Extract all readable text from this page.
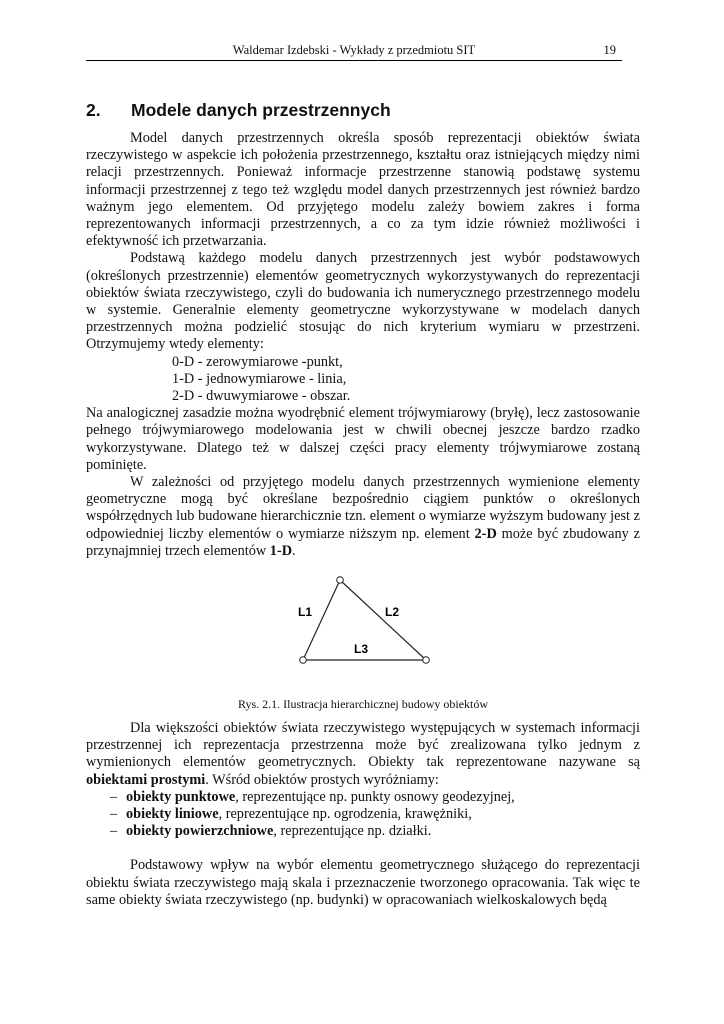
Waldemar Izdebski - Wykłady z przedmiotu SIT	19
2. Modele danych przestrzennych

Model danych przestrzennych określa sposób reprezentacji obiektów świata rzeczywistego w aspekcie ich położenia przestrzennego, kształtu oraz istniejących między nimi relacji przestrzennych. Ponieważ informacje przestrzenne stanowią podstawę systemu informacji przestrzennej z tego też względu model danych przestrzennych jest również bardzo ważnym jego elementem. Od przyjętego modelu zależy bowiem zakres i forma reprezentowanych informacji przestrzennych, a co za tym idzie również możliwości i efektywność ich przetwarzania.

Podstawą każdego modelu danych przestrzennych jest wybór podstawowych (określonych przestrzennie) elementów geometrycznych wykorzystywanych do reprezentacji obiektów świata rzeczywistego, czyli do budowania ich numerycznego przestrzennego modelu w systemie. Generalnie elementy geometryczne wykorzystywane w modelach danych przestrzennych można podzielić stosując do nich kryterium wymiaru w przestrzeni. Otrzymujemy wtedy elementy:

0-D - zerowymiarowe -punkt,
1-D - jednowymiarowe - linia,
2-D - dwuwymiarowe - obszar.

Na analogicznej zasadzie można wyodrębnić element trójwymiarowy (bryłę), lecz zastosowanie pełnego trójwymiarowego modelowania jest w chwili obecnej jeszcze bardzo rzadko wykorzystywane. Dlatego też w dalszej części pracy elementy trójwymiarowe zostaną pominięte.

W zależności od przyjętego modelu danych przestrzennych wymienione elementy geometryczne mogą być określane bezpośrednio ciągiem punktów o określonych współrzędnych lub budowane hierarchicznie tzn. element o wymiarze wyższym budowany jest z odpowiedniej liczby elementów o wymiarze niższym np. element 2-D może być zbudowany z przynajmniej trzech elementów 1-D.

L1	L2
L3
Rys. 2.1. Ilustracja hierarchicznej budowy obiektów

Dla większości obiektów świata rzeczywistego występujących w systemach informacji przestrzennej ich reprezentacja przestrzenna może być zrealizowana tylko jednym z wymienionych elementów geometrycznych. Obiekty tak reprezentowane nazywane są obiektami prostymi. Wśród obiektów prostych wyróżniamy:

– obiekty punktowe, reprezentujące np. punkty osnowy geodezyjnej,
– obiekty liniowe, reprezentujące np. ogrodzenia, krawężniki,
– obiekty powierzchniowe, reprezentujące np. działki.

Podstawowy wpływ na wybór elementu geometrycznego służącego do reprezentacji obiektu świata rzeczywistego mają skala i przeznaczenie tworzonego opracowania. Tak więc te same obiekty świata rzeczywistego (np. budynki) w opracowaniach wielkoskalowych będą
